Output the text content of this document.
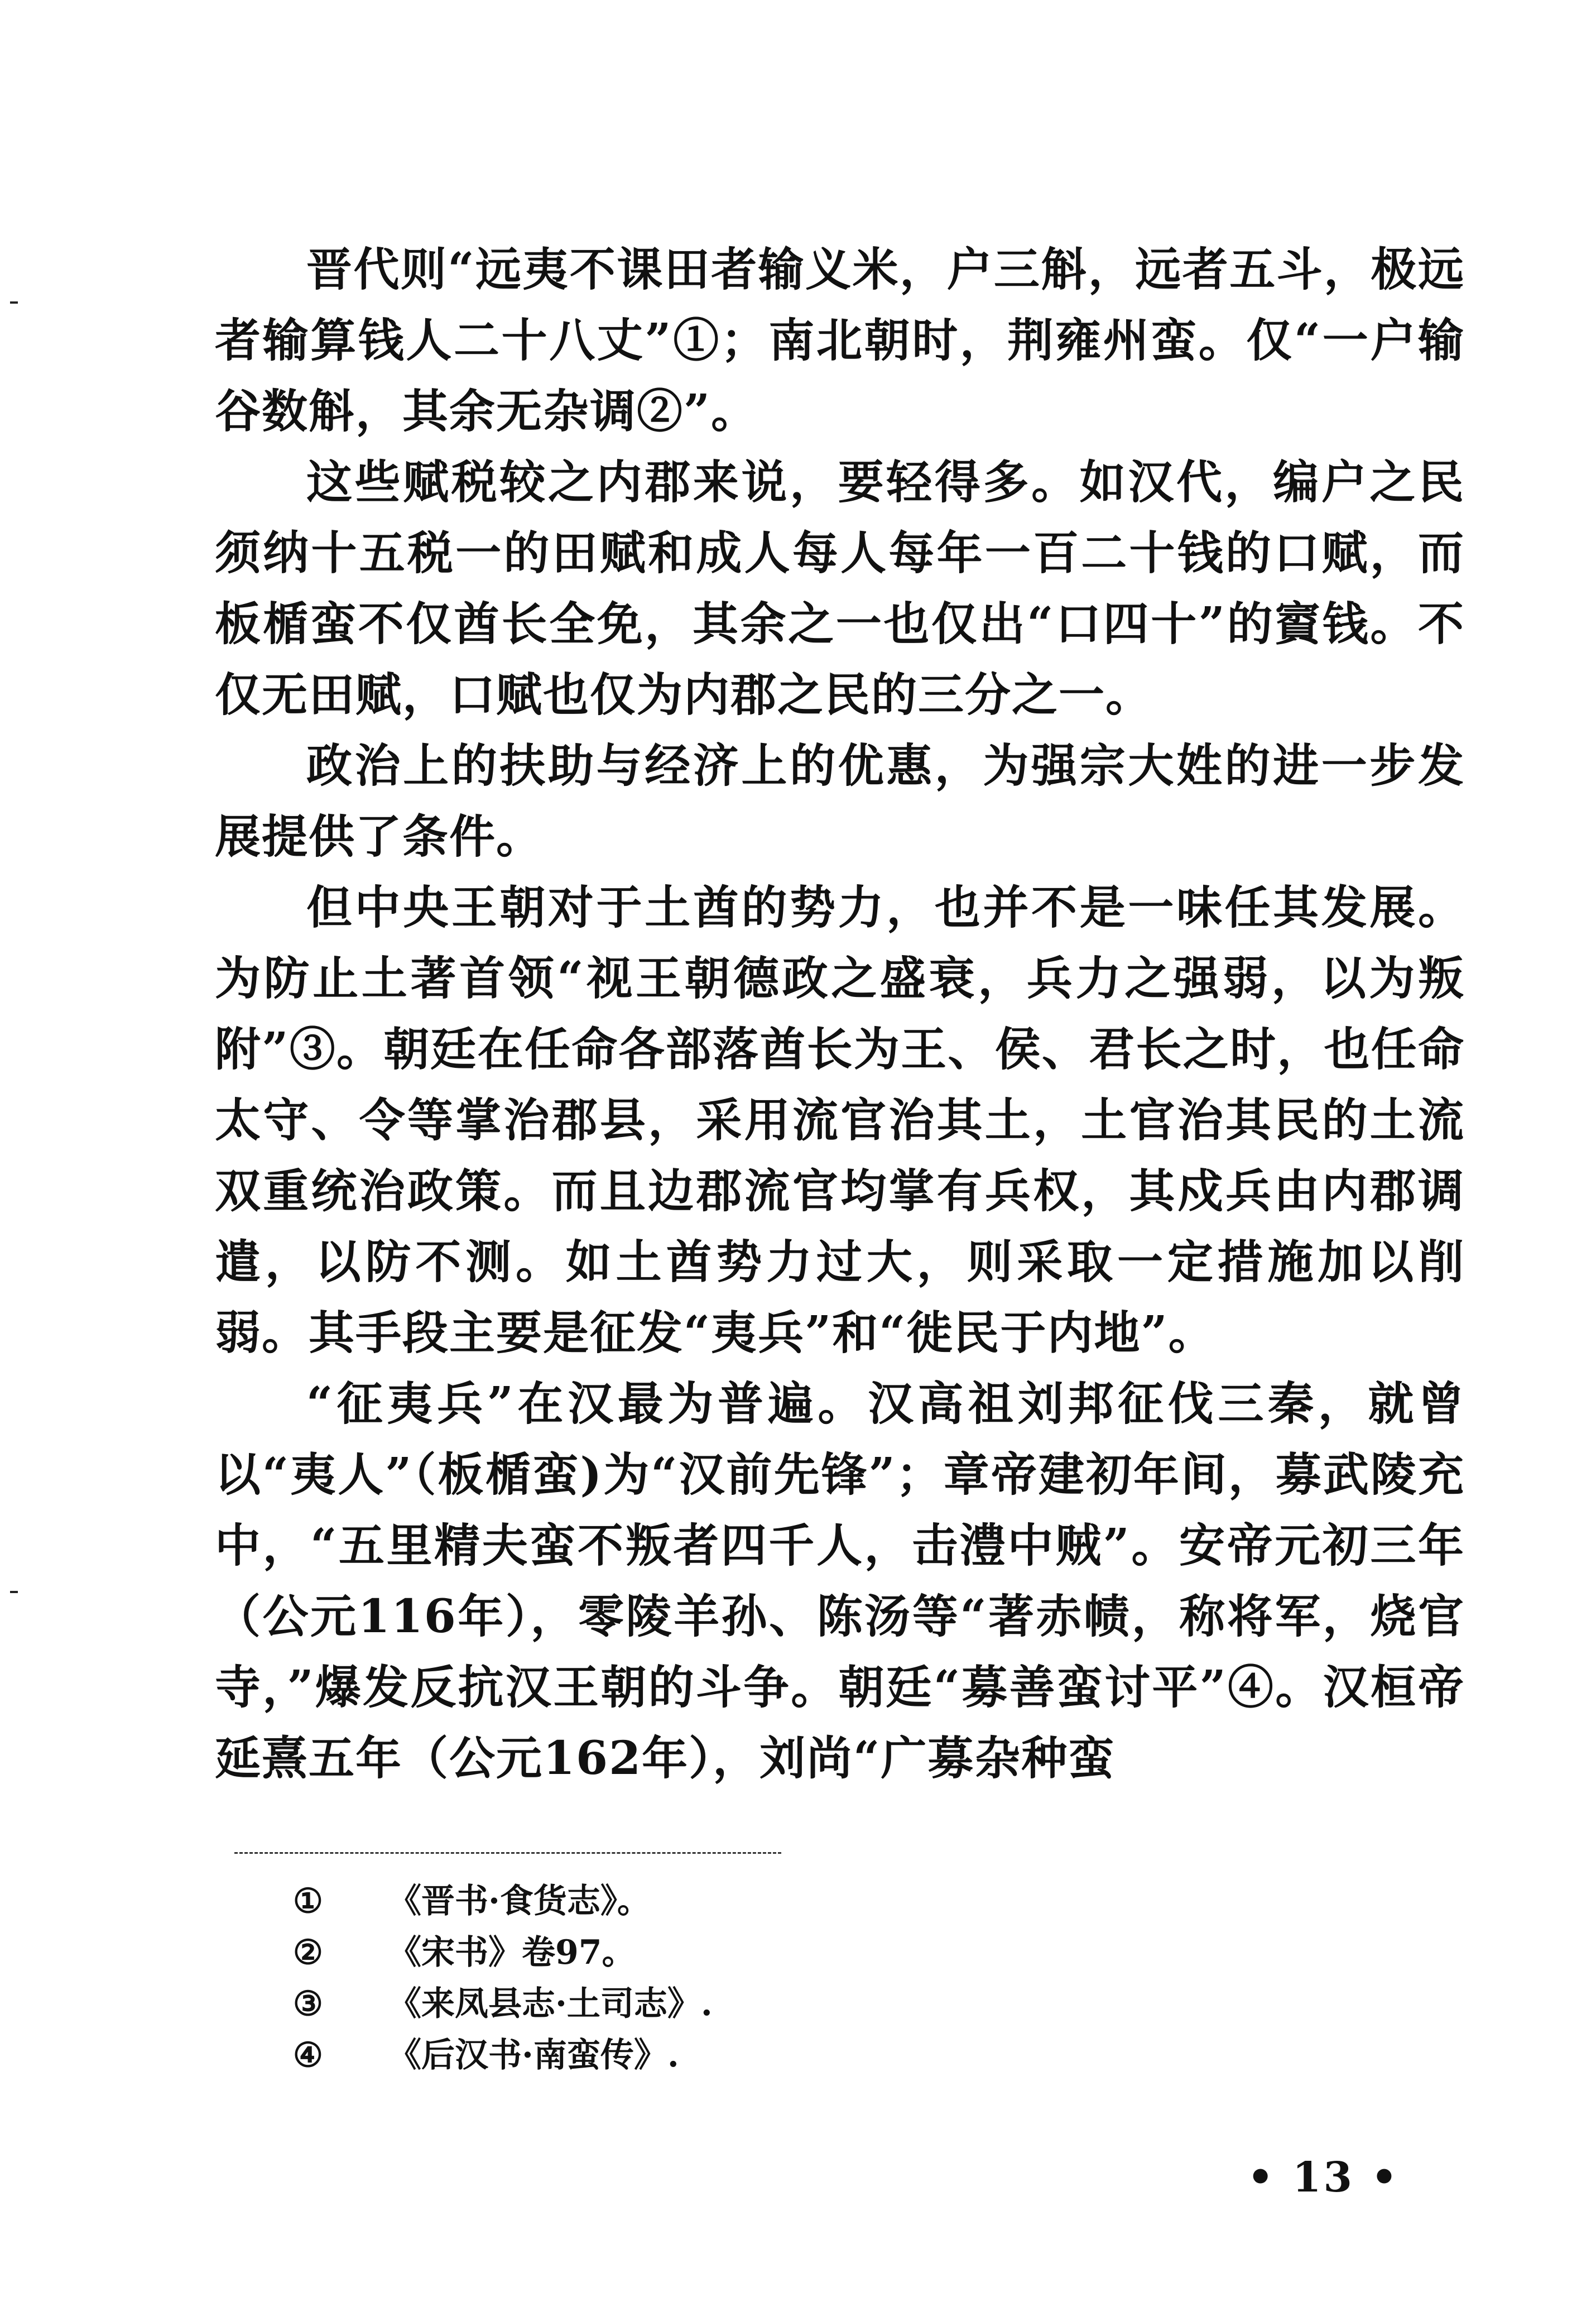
晋代则“远夷不课田者输义米，户三斛，远者五斗，极远者输算钱人二十八丈”①；南北朝时，荆雍州蛮。仅“一户输谷数斛，其余无杂调②”。

这些赋税较之内郡来说，要轻得多。如汉代，编户之民须纳十五税一的田赋和成人每人每年一百二十钱的口赋，而板楯蛮不仅酋长全免，其余之一也仅出“口四十”的賨钱。不仅无田赋，口赋也仅为内郡之民的三分之一。

政治上的扶助与经济上的优惠，为强宗大姓的进一步发展提供了条件。

但中央王朝对于土酋的势力，也并不是一味任其发展。为防止土著首领“视王朝德政之盛衰，兵力之强弱，以为叛附”③。朝廷在任命各部落酋长为王、侯、君长之时，也任命太守、令等掌治郡县，采用流官治其土，土官治其民的土流双重统治政策。而且边郡流官均掌有兵权，其戍兵由内郡调遣，以防不测。如土酋势力过大，则采取一定措施加以削弱。其手段主要是征发“夷兵”和“徙民于内地”。

“征夷兵”在汉最为普遍。汉高祖刘邦征伐三秦，就曾以“夷人”（板楯蛮)为“汉前先锋”；章帝建初年间，募武陵充中，“五里精夫蛮不叛者四千人，击澧中贼”。安帝元初三年（公元116年），零陵羊孙、陈汤等“著赤帻，称将军，烧官寺，”爆发反抗汉王朝的斗争。朝廷“募善蛮讨平”④。汉桓帝延熹五年（公元162年），刘尚“广募杂种蛮

①	《晋书·食货志》。
②	《宋书》卷97。
③	《来凤县志·土司志》.
④	《后汉书·南蛮传》.
• 13 •
